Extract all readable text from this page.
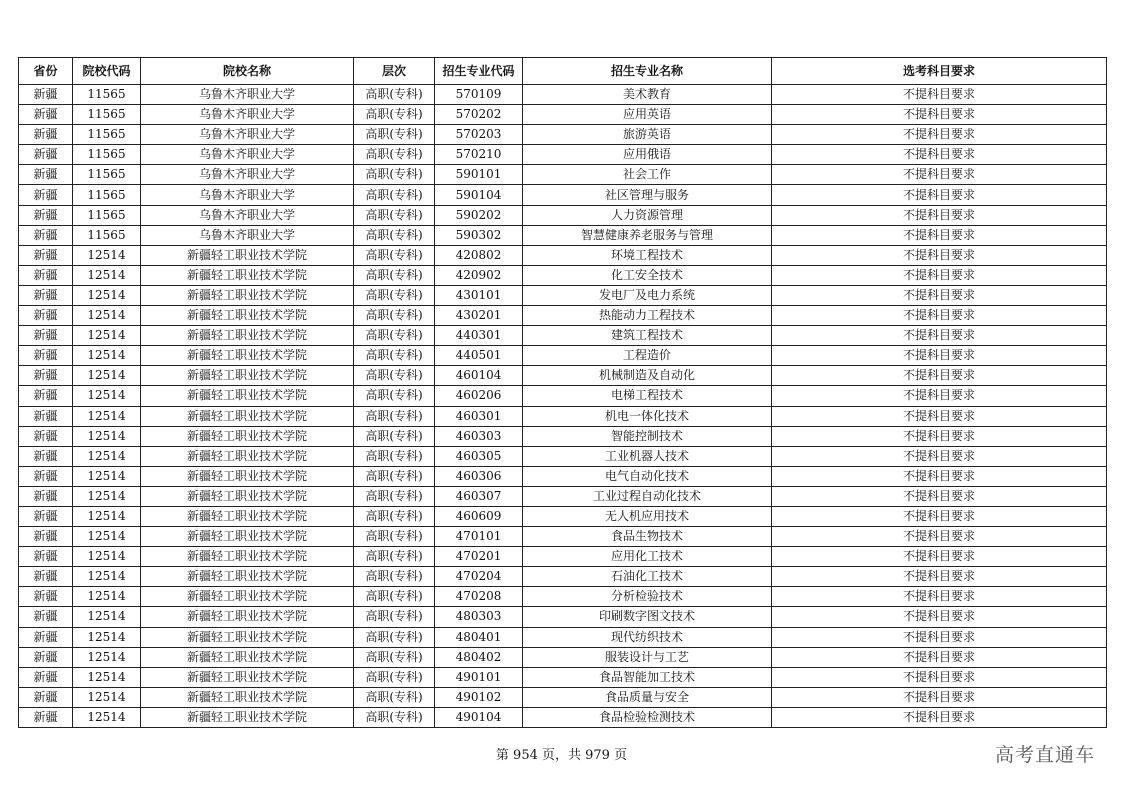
省份	院校代码	院校名称	层次	招生专业代码	招生专业名称	选考科目要求
新疆	11565	乌鲁木齐职业大学	高职(专科)	570109	美术教育	不提科目要求
新疆	11565	乌鲁木齐职业大学	高职(专科)	570202	应用英语	不提科目要求
新疆	11565	乌鲁木齐职业大学	高职(专科)	570203	旅游英语	不提科目要求
新疆	11565	乌鲁木齐职业大学	高职(专科)	570210	应用俄语	不提科目要求
新疆	11565	乌鲁木齐职业大学	高职(专科)	590101	社会工作	不提科目要求
新疆	11565	乌鲁木齐职业大学	高职(专科)	590104	社区管理与服务	不提科目要求
新疆	11565	乌鲁木齐职业大学	高职(专科)	590202	人力资源管理	不提科目要求
新疆	11565	乌鲁木齐职业大学	高职(专科)	590302	智慧健康养老服务与管理	不提科目要求
新疆	12514	新疆轻工职业技术学院	高职(专科)	420802	环境工程技术	不提科目要求
新疆	12514	新疆轻工职业技术学院	高职(专科)	420902	化工安全技术	不提科目要求
新疆	12514	新疆轻工职业技术学院	高职(专科)	430101	发电厂及电力系统	不提科目要求
新疆	12514	新疆轻工职业技术学院	高职(专科)	430201	热能动力工程技术	不提科目要求
新疆	12514	新疆轻工职业技术学院	高职(专科)	440301	建筑工程技术	不提科目要求
新疆	12514	新疆轻工职业技术学院	高职(专科)	440501	工程造价	不提科目要求
新疆	12514	新疆轻工职业技术学院	高职(专科)	460104	机械制造及自动化	不提科目要求
新疆	12514	新疆轻工职业技术学院	高职(专科)	460206	电梯工程技术	不提科目要求
新疆	12514	新疆轻工职业技术学院	高职(专科)	460301	机电一体化技术	不提科目要求
新疆	12514	新疆轻工职业技术学院	高职(专科)	460303	智能控制技术	不提科目要求
新疆	12514	新疆轻工职业技术学院	高职(专科)	460305	工业机器人技术	不提科目要求
新疆	12514	新疆轻工职业技术学院	高职(专科)	460306	电气自动化技术	不提科目要求
新疆	12514	新疆轻工职业技术学院	高职(专科)	460307	工业过程自动化技术	不提科目要求
新疆	12514	新疆轻工职业技术学院	高职(专科)	460609	无人机应用技术	不提科目要求
新疆	12514	新疆轻工职业技术学院	高职(专科)	470101	食品生物技术	不提科目要求
新疆	12514	新疆轻工职业技术学院	高职(专科)	470201	应用化工技术	不提科目要求
新疆	12514	新疆轻工职业技术学院	高职(专科)	470204	石油化工技术	不提科目要求
新疆	12514	新疆轻工职业技术学院	高职(专科)	470208	分析检验技术	不提科目要求
新疆	12514	新疆轻工职业技术学院	高职(专科)	480303	印刷数字图文技术	不提科目要求
新疆	12514	新疆轻工职业技术学院	高职(专科)	480401	现代纺织技术	不提科目要求
新疆	12514	新疆轻工职业技术学院	高职(专科)	480402	服装设计与工艺	不提科目要求
新疆	12514	新疆轻工职业技术学院	高职(专科)	490101	食品智能加工技术	不提科目要求
新疆	12514	新疆轻工职业技术学院	高职(专科)	490102	食品质量与安全	不提科目要求
新疆	12514	新疆轻工职业技术学院	高职(专科)	490104	食品检验检测技术	不提科目要求
第 954 页，共 979 页	高考直通车
